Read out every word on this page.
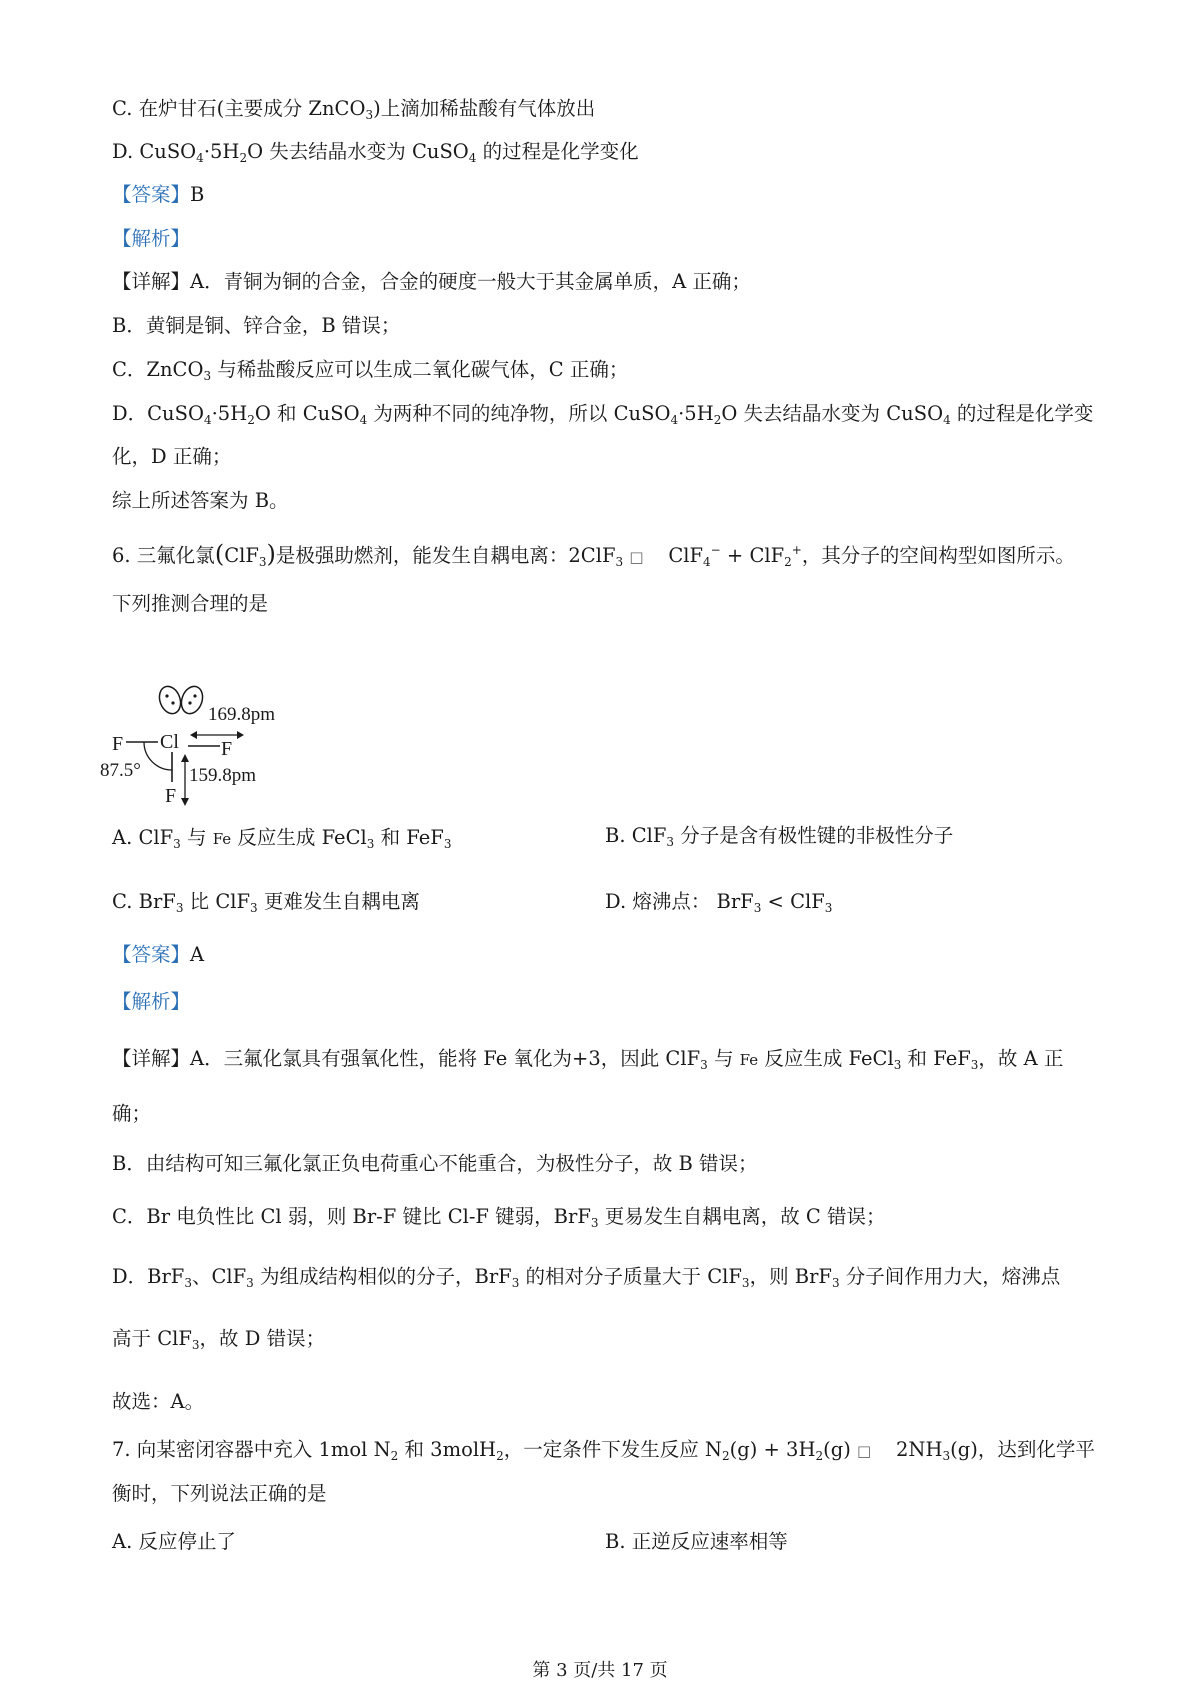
C. 在炉甘石(主要成分 ZnCO$_3$)上滴加稀盐酸有气体放出
D. $CuSO_4\cdot 5H_2O$ 失去结晶水变为 CuSO$_4$ 的过程是化学变化
【答案】B
【解析】
【详解】A．青铜为铜的合金，合金的硬度一般大于其金属单质，A 正确；
B．黄铜是铜、锌合金，B 错误；
C．ZnCO$_3$ 与稀盐酸反应可以生成二氧化碳气体，C 正确；
D．$CuSO_4\cdot 5H_2O$ 和 CuSO$_4$ 为两种不同的纯净物，所以 $CuSO_4\cdot 5H_2O$ 失去结晶水变为 CuSO$_4$ 的过程是化学变
化，D 正确；
综上所述答案为 B。
6. 三氟化氯(ClF$_3$)是极强助燃剂，能发生自耦电离：2ClF$_3$ □ ClF$_4$− + ClF$_2$+，其分子的空间构型如图所示。
下列推测合理的是
F Cl F
F
169.8pm
159.8pm
87.5°
A. ClF$_3$ 与 Fe 反应生成 FeCl$_3$ 和 FeF$_3$	B. ClF$_3$ 分子是含有极性键的非极性分子
C. BrF$_3$ 比 ClF$_3$ 更难发生自耦电离	D. 熔沸点： BrF$_3$ < ClF$_3$
【答案】A
【解析】
【详解】A．三氟化氯具有强氧化性，能将 Fe 氧化为+3，因此 ClF$_3$ 与 Fe 反应生成 FeCl$_3$ 和 FeF$_3$，故 A 正
确；
B．由结构可知三氟化氯正负电荷重心不能重合，为极性分子，故 B 错误；
C．Br 电负性比 Cl 弱，则 Br-F 键比 Cl-F 键弱，BrF$_3$ 更易发生自耦电离，故 C 错误；
D．BrF$_3$、ClF$_3$ 为组成结构相似的分子，BrF$_3$ 的相对分子质量大于 ClF$_3$，则 BrF$_3$ 分子间作用力大，熔沸点
高于 ClF$_3$，故 D 错误；
故选：A。
7. 向某密闭容器中充入 1mol $N_2$ 和 3molH$_2$，一定条件下发生反应 $N_2(g) + 3H_2(g)$ □ $2NH_3(g)$，达到化学平
衡时，下列说法正确的是
A. 反应停止了	B. 正逆反应速率相等
第 3 页/共 17 页
